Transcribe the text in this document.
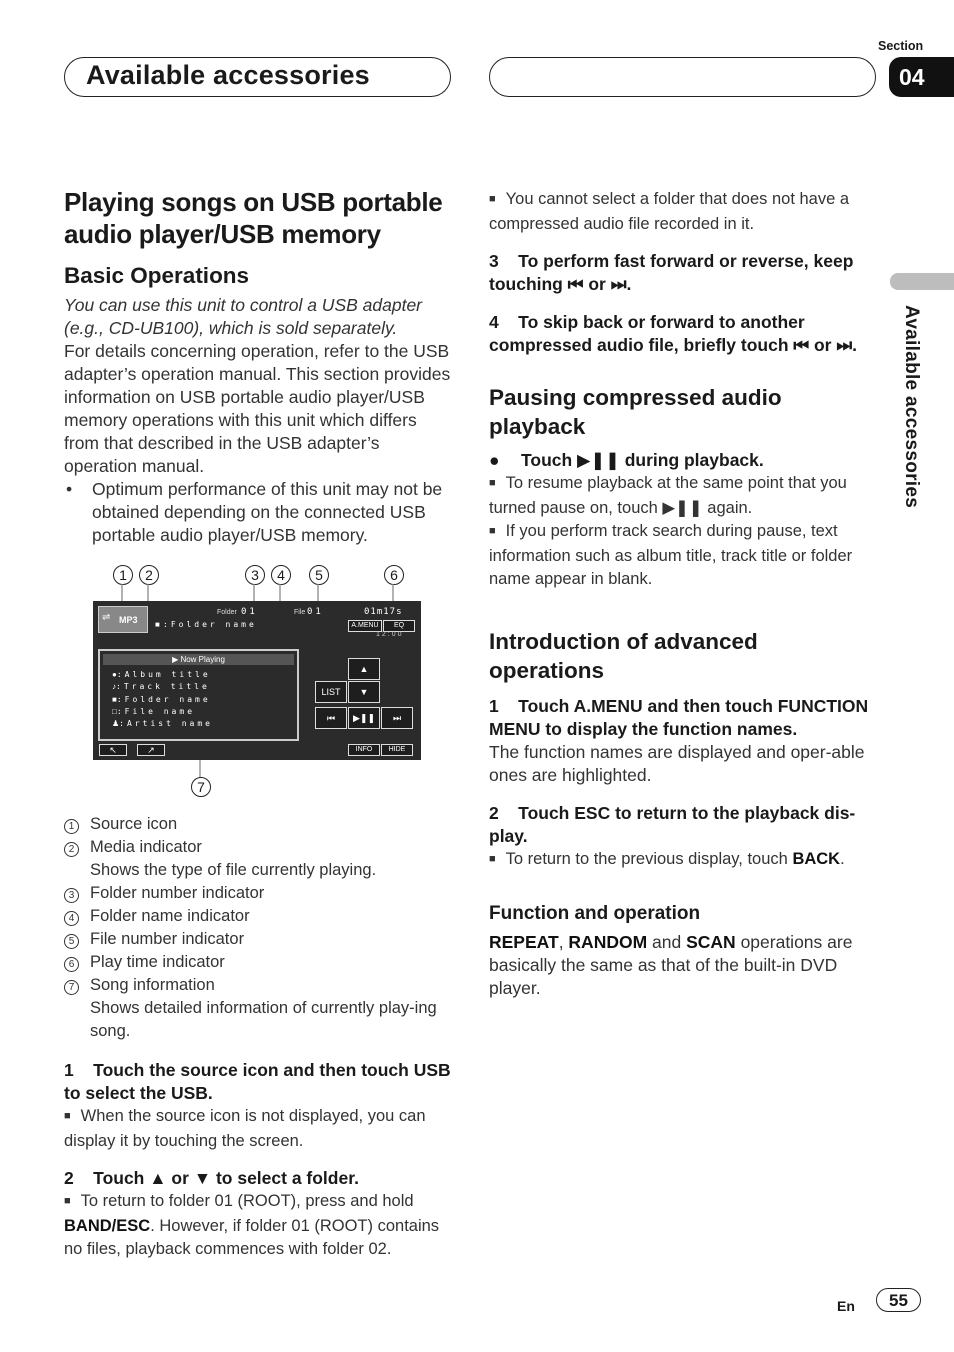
Available accessories
Section
04
Available accessories
Playing songs on USB portable audio player/USB memory
Basic Operations

You can use this unit to control a USB adapter (e.g., CD-UB100), which is sold separately.

For details concerning operation, refer to the USB adapter’s operation manual. This section provides information on USB portable audio player/USB memory operations with this unit which differs from that described in the USB adapter’s operation manual.

•	Optimum performance of this unit may not be obtained depending on the connected USB portable audio player/USB memory.
1	2	3	4	5	6
7
⇌ MP3
Folder 01	File 01	01m17s
■ :Folder name	A.MENU	EQ
12:00
▶ Now Playing
●:Album title
♪:Track title
■:Folder name
□:File name
♟:Artist name
▲
LIST	▼
⏮	▶❚❚	⏭
↖	↗	INFO	HIDE
1 Source icon
2 Media indicator
Shows the type of file currently playing.
3 Folder number indicator
4 Folder name indicator
5 File number indicator
6 Play time indicator
7 Song information
Shows detailed information of currently play-ing song.

1    Touch the source icon and then touch USB to select the USB.

■ When the source icon is not displayed, you can display it by touching the screen.

2    Touch ▲ or ▼ to select a folder.

■ To return to folder 01 (ROOT), press and hold BAND/ESC. However, if folder 01 (ROOT) contains no files, playback commences with folder 02.

■ You cannot select a folder that does not have a compressed audio file recorded in it.

3    To perform fast forward or reverse, keep touching ⏮ or ⏭.

4    To skip back or forward to another compressed audio file, briefly touch ⏮ or ⏭.

Pausing compressed audio playback

● Touch ▶❚❚ during playback.

■ To resume playback at the same point that you turned pause on, touch ▶❚❚ again.

■ If you perform track search during pause, text information such as album title, track title or folder name appear in blank.

Introduction of advanced operations

1    Touch A.MENU and then touch FUNCTION MENU to display the function names.

The function names are displayed and oper-able ones are highlighted.

2    Touch ESC to return to the playback dis-play.

■ To return to the previous display, touch BACK.

Function and operation

REPEAT, RANDOM and SCAN operations are basically the same as that of the built-in DVD player.

En	55
